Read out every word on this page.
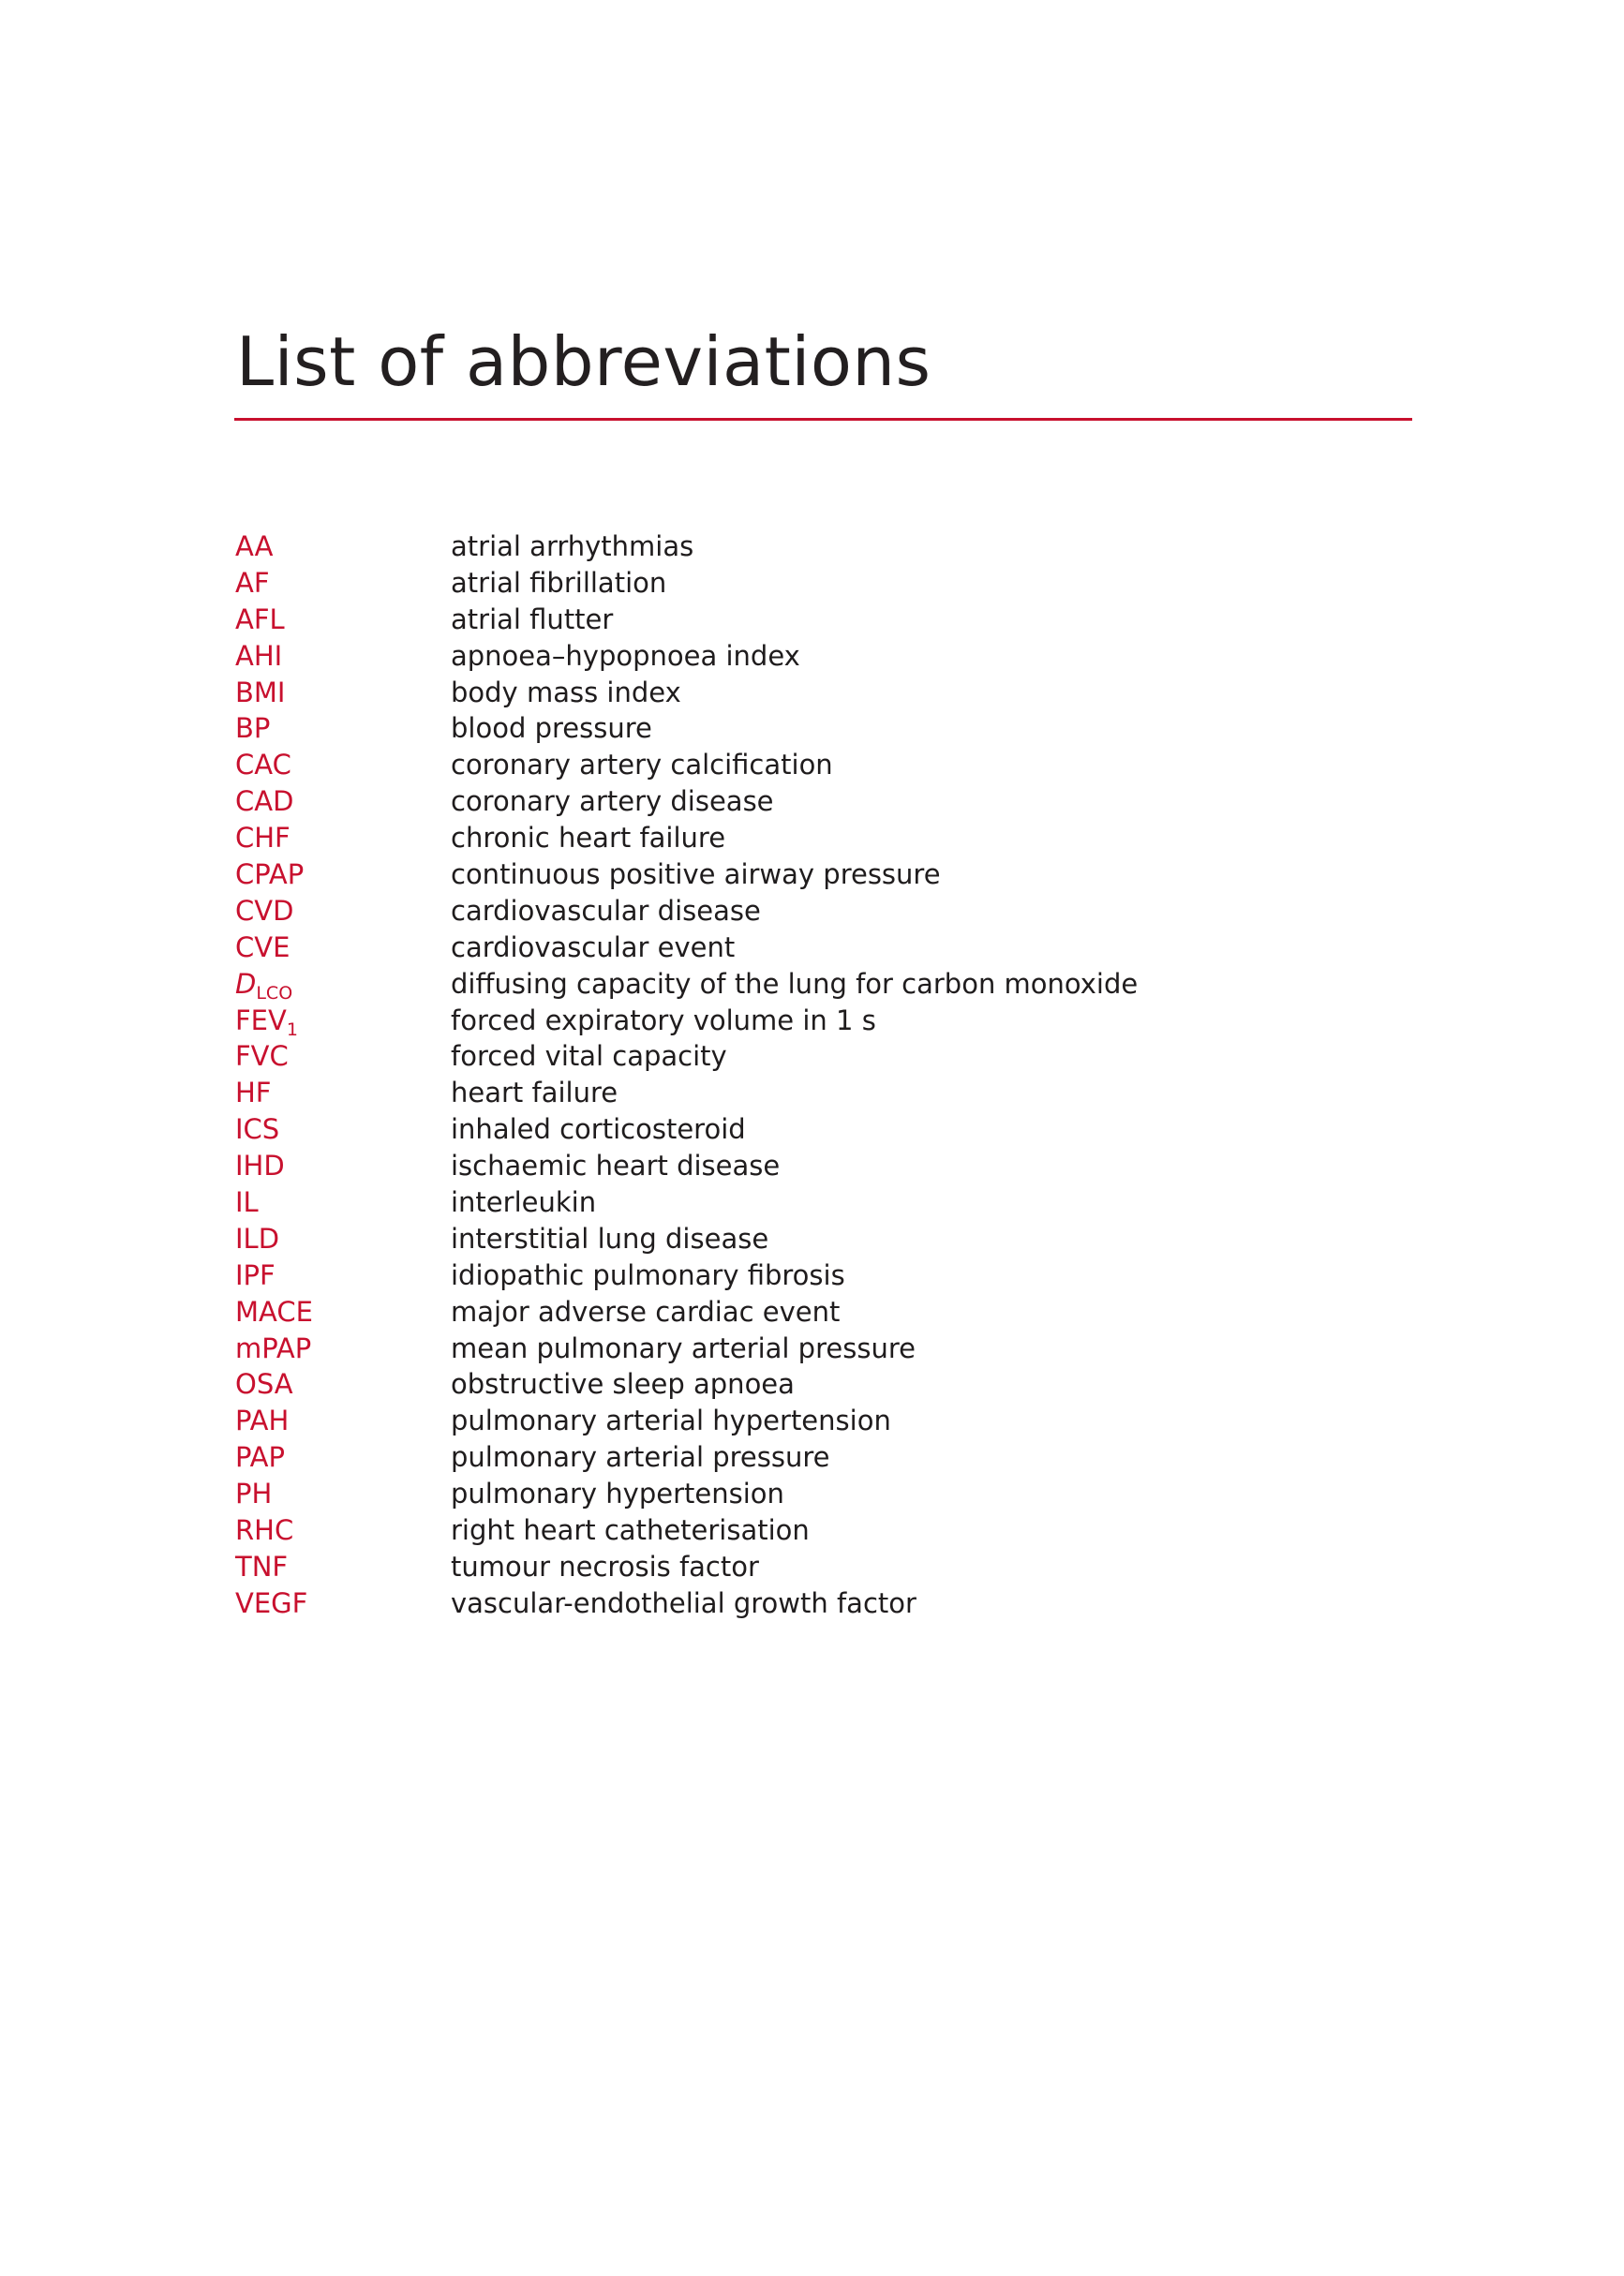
List of abbreviations
AA	atrial arrhythmias
AF	atrial fibrillation
AFL	atrial flutter
AHI	apnoea–hypopnoea index
BMI	body mass index
BP	blood pressure
CAC	coronary artery calcification
CAD	coronary artery disease
CHF	chronic heart failure
CPAP	continuous positive airway pressure
CVD	cardiovascular disease
CVE	cardiovascular event
$D_{LCO}$	diffusing capacity of the lung for carbon monoxide
$FEV_1$	forced expiratory volume in 1 s
FVC	forced vital capacity
HF	heart failure
ICS	inhaled corticosteroid
IHD	ischaemic heart disease
IL	interleukin
ILD	interstitial lung disease
IPF	idiopathic pulmonary fibrosis
MACE	major adverse cardiac event
mPAP	mean pulmonary arterial pressure
OSA	obstructive sleep apnoea
PAH	pulmonary arterial hypertension
PAP	pulmonary arterial pressure
PH	pulmonary hypertension
RHC	right heart catheterisation
TNF	tumour necrosis factor
VEGF	vascular-endothelial growth factor
